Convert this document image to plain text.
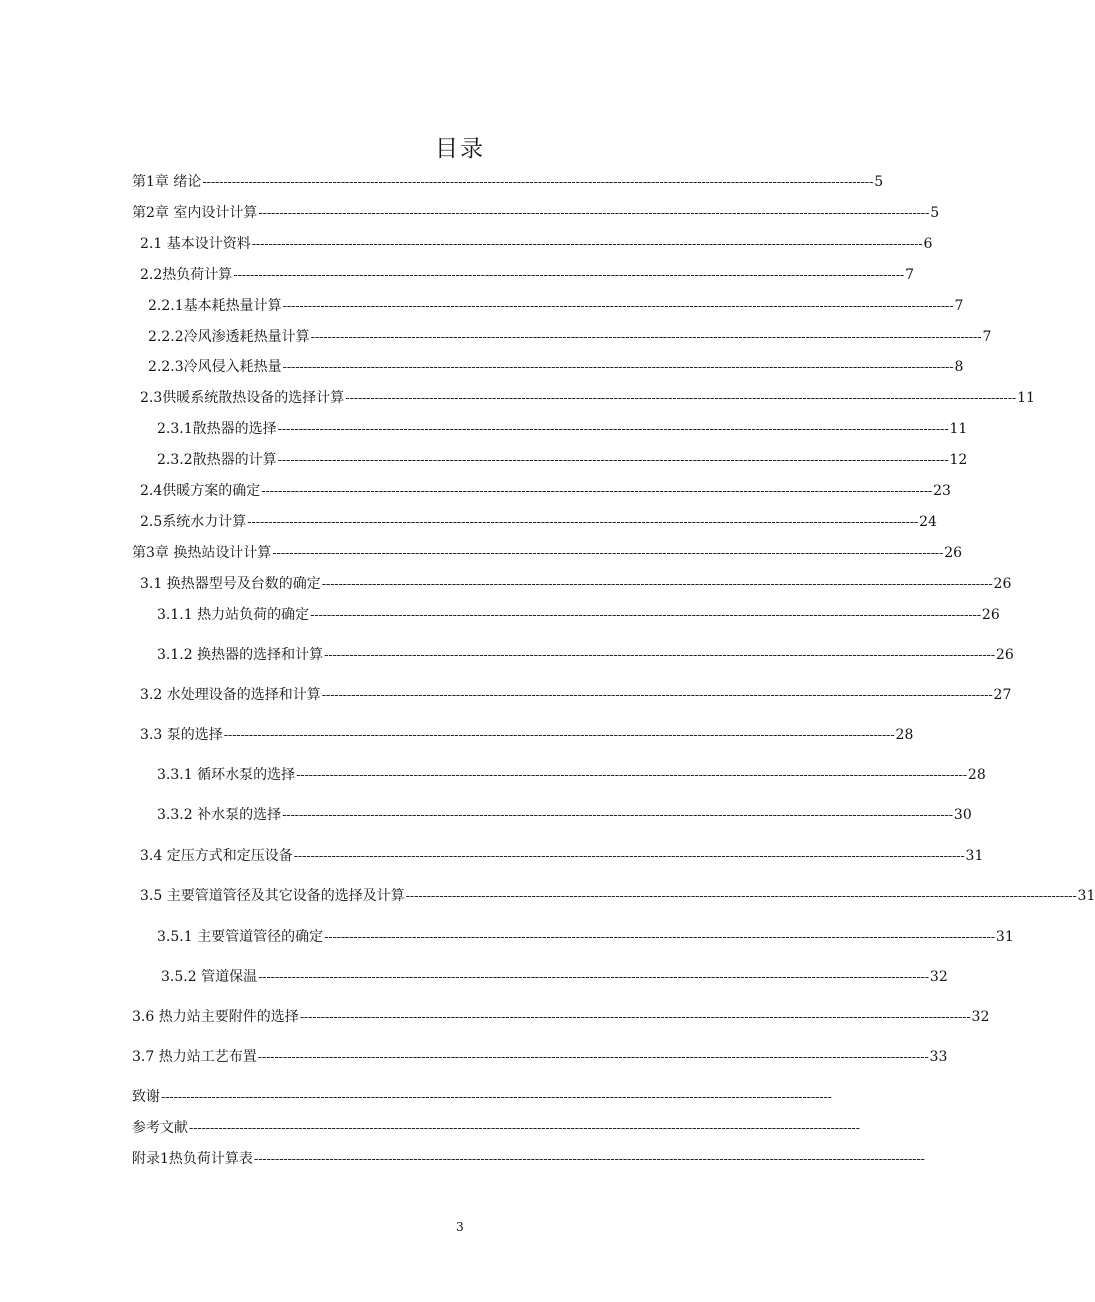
目录
第1章 绪论 ---------------------------------------------------------------------------------------------------------------------------------------------------------------- 5
第2章 室内设计计算 ---------------------------------------------------------------------------------------------------------------------------------------------------------------- 5
2.1 基本设计资料 ---------------------------------------------------------------------------------------------------------------------------------------------------------------- 6
2.2热负荷计算 ---------------------------------------------------------------------------------------------------------------------------------------------------------------- 7
2.2.1基本耗热量计算 ---------------------------------------------------------------------------------------------------------------------------------------------------------------- 7
2.2.2冷风渗透耗热量计算 ---------------------------------------------------------------------------------------------------------------------------------------------------------------- 7
2.2.3冷风侵入耗热量 ---------------------------------------------------------------------------------------------------------------------------------------------------------------- 8
2.3供暖系统散热设备的选择计算 ---------------------------------------------------------------------------------------------------------------------------------------------------------------- 11
2.3.1散热器的选择 ---------------------------------------------------------------------------------------------------------------------------------------------------------------- 11
2.3.2散热器的计算 ---------------------------------------------------------------------------------------------------------------------------------------------------------------- 12
2.4供暖方案的确定 ---------------------------------------------------------------------------------------------------------------------------------------------------------------- 23
2.5系统水力计算 ---------------------------------------------------------------------------------------------------------------------------------------------------------------- 24
第3章 换热站设计计算 ---------------------------------------------------------------------------------------------------------------------------------------------------------------- 26
3.1 换热器型号及台数的确定 ---------------------------------------------------------------------------------------------------------------------------------------------------------------- 26
3.1.1 热力站负荷的确定 ---------------------------------------------------------------------------------------------------------------------------------------------------------------- 26
3.1.2 换热器的选择和计算 ---------------------------------------------------------------------------------------------------------------------------------------------------------------- 26
3.2 水处理设备的选择和计算 ---------------------------------------------------------------------------------------------------------------------------------------------------------------- 27
3.3 泵的选择 ---------------------------------------------------------------------------------------------------------------------------------------------------------------- 28
3.3.1 循环水泵的选择 ---------------------------------------------------------------------------------------------------------------------------------------------------------------- 28
3.3.2 补水泵的选择 ---------------------------------------------------------------------------------------------------------------------------------------------------------------- 30
3.4 定压方式和定压设备 ---------------------------------------------------------------------------------------------------------------------------------------------------------------- 31
3.5 主要管道管径及其它设备的选择及计算 ---------------------------------------------------------------------------------------------------------------------------------------------------------------- 31
3.5.1 主要管道管径的确定 ---------------------------------------------------------------------------------------------------------------------------------------------------------------- 31
3.5.2 管道保温 ---------------------------------------------------------------------------------------------------------------------------------------------------------------- 32
3.6 热力站主要附件的选择 ---------------------------------------------------------------------------------------------------------------------------------------------------------------- 32
3.7 热力站工艺布置 ---------------------------------------------------------------------------------------------------------------------------------------------------------------- 33
致谢 ----------------------------------------------------------------------------------------------------------------------------------------------------------------
参考文献 ----------------------------------------------------------------------------------------------------------------------------------------------------------------
附录1热负荷计算表 ----------------------------------------------------------------------------------------------------------------------------------------------------------------
3
